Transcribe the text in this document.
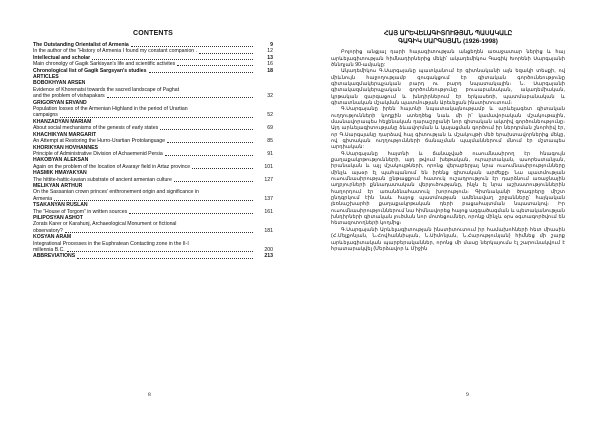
CONTENTS
The Outstanding Orientalist of Armenia	9
In the author of the “History of Armenia I found my constant companion .	12
Intellectual and scholar	13
Main chronolgy of Gagik Sarkisyan’s life and scientific activites	16
Chronological list of Gagik Sargsyan’s studies	18
ARTICLES
BOBOKHYAN ARSEN
Evidence of Khorenatsi towards the sacred landscape of Paghat
and the problem of vishapakars	32
GRIGORYAN ERVAND
Population losses of the Armenian Highland in the period of Urartian
campaigns	52
KHANZADYAN MARIAM
About social mechanisms of the genesis of early states	69
KHACHIKYAN MARGARIT
An Attempt at Restoring the Hurro-Urartian Protolanguage	85
KHORIKYAN HOVHANNES
Principle of Administrative Division of Achaemenid Persia	91
HAKOBYAN ALEKSAN
Again on the problem of the location of Avarayr field in Artaz province	101
HASMIK HMAYAKYAN
The hittite-hattic-luwian substrate of ancient armenian culture	127
MELIKYAN ARTHUR
On the Sassanian crown princes’ enthronement origin and significance in
Armenia	137
TSAKANYAN RUSLAN
The “House of Torgom” in written sources	161
PILIPOSYAN ASHOT
Zorats Karer or Karahunj, Archaeological Monument or fictional
observatory?	181
KOSYAN ARAM
Integrational Processes in the Euphratean Contacting zone in the II-I
millennia B.C.	200
ABBREVIATIONS	213
8
ՀԱՅ ԱՐԵՎԵԼԱԳԻՏՈՒԹՅԱՆ ՊԱՍԱԿԱԼԸ
ԳԱԳԻԿ ՍԱՐԳՍՅԱՆ (1926-1998)

Բոլորից անցյալ դարի հայագիտության անցեղեն առաջատար ներից և հայ արևելագիտության հիմնադիրներից մեկի՝ ակադեմիկոս Գագիկ Խորենի Սարգսյանի ծննդյան 90-ամյակը:

Ակադեմիկոս Գ.Սարգսյանը պատկանում էր գիտնականի այն եզակի տեսքի, ով միևնույն հաջողությամբ զուգակցում էր գիտական գործունեությունը գիտակազմակերպչական բարդ ու բարդ նպատակային։ Ն. Սարգսյանի գիտակազմակերպչական գործունեությունը բուսաբանական, ակադեմիական, կրթական զարգացում և խնդիրներում էր երկասեռի, պատմաբանական և գիտատնական մշակման պատմության Արեւելյան ինստիտուտում։

Գ.Սարգսյանը իրեն հայտնի նպատակայնությամբ և արևելագետ գիտական ուղղությունների կողքին ստեղծեց նաև մի ի՝ կամավորական մշակութային, մասնավորապես հելլենական դարաշրջանի նոր գիտական ակտիվ գործունեությունը։ Այդ արևելագիտությանը ձևավորման և կայացման գործում իր ներդրման շնորհիվ էր, որ Գ.Սարգսյանը դարձավ հայ գիտության և մշակույթի մեծ երախտավորներից մեկը, ով գիտական ուղղությունների ճանաչման պայմաններում մնում էր մշտապես արդիական:

Գ.Սարգսյանը հայտնի և ճանաչված ուսումնասիրող էր հնագույն քաղաքակրթությունների, այդ թվում խեթական, ուրարտական, ասորեստանյան, իրանական և այլ մշակույթների, որոնց վերաբերյալ նրա ուսումնասիրությունները մինչև այսօր էլ պահպանում են իրենց գիտական արժեքը։ Նա պատմության ուսումնասիրության ընթացքում հատուկ ուշադրություն էր դարձնում առաջնային աղբյուրների քննադատական վերլուծությանը, ինչն էլ նրա աշխատություններին հաղորդում էր առանձնահատուկ խորություն։ Գիտնականի ծրագրերը միշտ ընդգրկում էին նաև հայոց պատմության ամենավաղ շրջանները՝ հայկական լեռնաշխարհի քաղաքակրթական դերի բացահայտման նպատակով։ Իր ուսումնասիրություններում նա հիմնավորեց հայոց ազգածագման և պետականության խնդիրների գիտական լուծման նոր մոտեցումներ, որոնք մինչև օրս օգտագործվում են հետազոտողների կողմից։

Գ.Սարգսյանի Արևելագիտության ինստիտուտում իր համախոհների հետ միասին (Հ.Մելքոնյան, Ն.Հովհաննիսյան, Ն.Սիմոնյան, Ն.Հարությունյան) հիմնեց մի շարք արևելագիտական պարբերականներ, որոնց մի մասը ներկայումս էլ շարունակվում է հրատարակվել (Մերձավոր և Միջին

9
